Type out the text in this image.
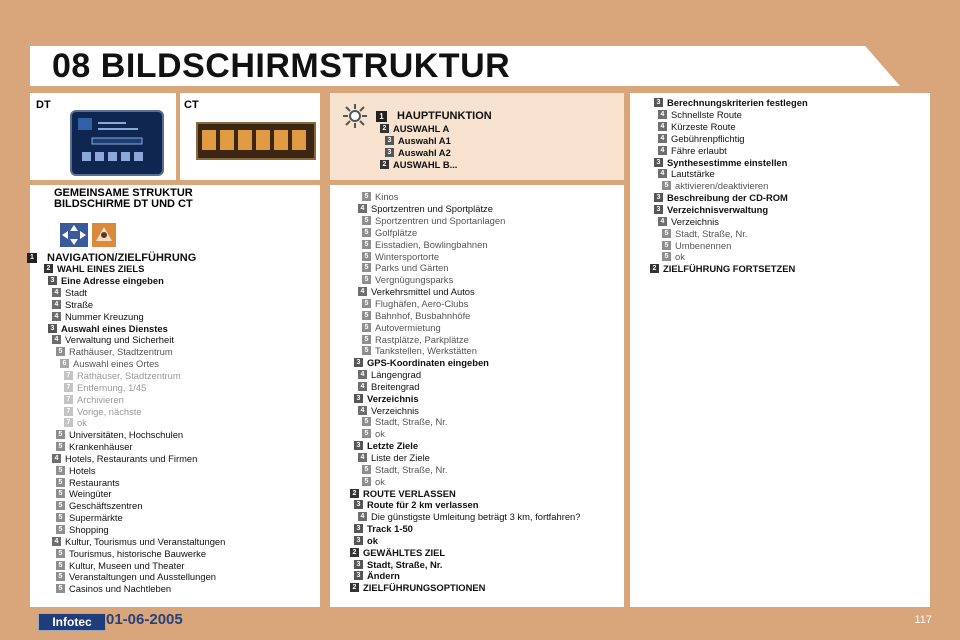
08 BILDSCHIRMSTRUKTUR
DT	CT
1 HAUPTFUNKTION
2 AUSWAHL A
3 Auswahl A1
3 Auswahl A2
2 AUSWAHL B...
GEMEINSAME STRUKTUR
BILDSCHIRME DT UND CT
1 NAVIGATION/ZIELFÜHRUNG
2 WAHL EINES ZIELS
3 Eine Adresse eingeben
4 Stadt
4 Straße
4 Nummer Kreuzung
3 Auswahl eines Dienstes
4 Verwaltung und Sicherheit
5 Rathäuser, Stadtzentrum
6 Auswahl eines Ortes
7 Rathäuser, Stadtzentrum
7 Entfernung, 1/45
7 Archivieren
7 Vorige, nächste
7 ok
5 Universitäten, Hochschulen
5 Krankenhäuser
4 Hotels, Restaurants und Firmen
5 Hotels
5 Restaurants
5 Weingüter
5 Geschäftszentren
5 Supermärkte
5 Shopping
4 Kultur, Tourismus und Veranstaltungen
5 Tourismus, historische Bauwerke
5 Kultur, Museen und Theater
5 Veranstaltungen und Ausstellungen
5 Casinos und Nachtleben
5 Kinos
4 Sportzentren und Sportplätze
5 Sportzentren und Sportanlagen
5 Golfplätze
5 Eisstadien, Bowlingbahnen
5 Wintersportorte
5 Parks und Gärten
5 Vergnügungsparks
4 Verkehrsmittel und Autos
5 Flughäfen, Aero-Clubs
5 Bahnhof, Busbahnhöfe
5 Autovermietung
5 Rastplätze, Parkplätze
5 Tankstellen, Werkstätten
3 GPS-Koordinaten eingeben
4 Längengrad
4 Breitengrad
3 Verzeichnis
4 Verzeichnis
5 Stadt, Straße, Nr.
5 ok
3 Letzte Ziele
4 Liste der Ziele
5 Stadt, Straße, Nr.
5 ok
2 ROUTE VERLASSEN
3 Route für 2 km verlassen
4 Die günstigste Umleitung beträgt 3 km, fortfahren?
3 Track 1-50
3 ok
2 GEWÄHLTES ZIEL
3 Stadt, Straße, Nr.
3 Ändern
2 ZIELFÜHRUNGSOPTIONEN
3 Berechnungskriterien festlegen
4 Schnellste Route
4 Kürzeste Route
4 Gebührenpflichtig
4 Fähre erlaubt
3 Synthesestimme einstellen
4 Lautstärke
5 aktivieren/deaktivieren
3 Beschreibung der CD-ROM
3 Verzeichnisverwaltung
4 Verzeichnis
5 Stadt, Straße, Nr.
5 Umbenennen
5 ok
2 ZIELFÜHRUNG FORTSETZEN
Infotec 01-06-2005	117
